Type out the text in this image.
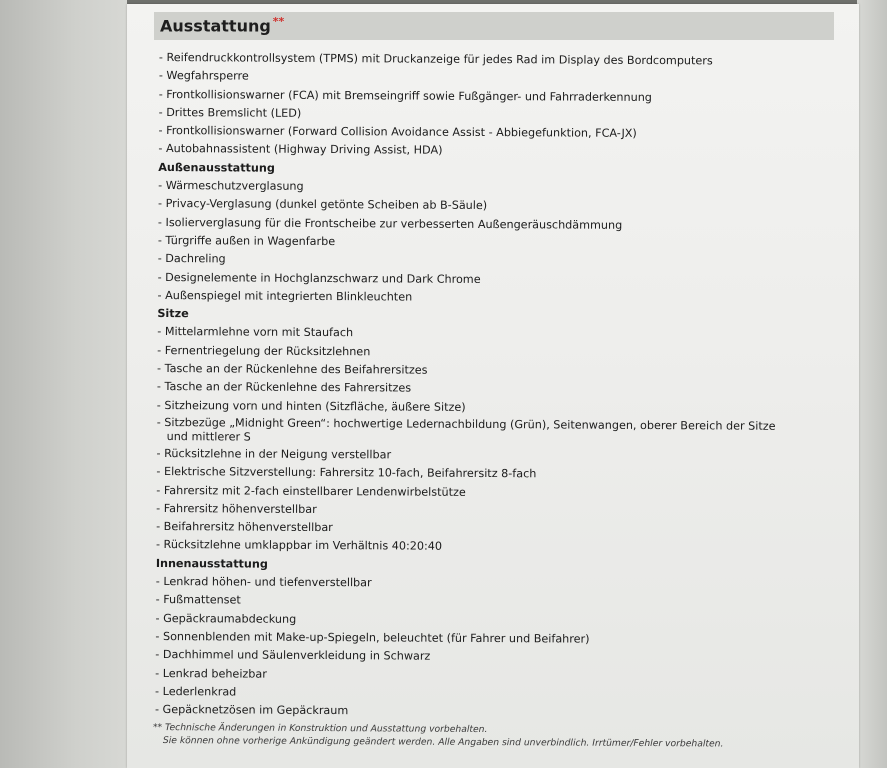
Ausstattung **
- Reifendruckkontrollsystem (TPMS) mit Druckanzeige für jedes Rad im Display des Bordcomputers
- Wegfahrsperre
- Frontkollisionswarner (FCA) mit Bremseingriff sowie Fußgänger- und Fahrraderkennung
- Drittes Bremslicht (LED)
- Frontkollisionswarner (Forward Collision Avoidance Assist - Abbiegefunktion, FCA-JX)
- Autobahnassistent (Highway Driving Assist, HDA)
Außenausstattung
- Wärmeschutzverglasung
- Privacy-Verglasung (dunkel getönte Scheiben ab B-Säule)
- Isolierverglasung für die Frontscheibe zur verbesserten Außengeräuschdämmung
- Türgriffe außen in Wagenfarbe
- Dachreling
- Designelemente in Hochglanzschwarz und Dark Chrome
- Außenspiegel mit integrierten Blinkleuchten
Sitze
- Mittelarmlehne vorn mit Staufach
- Fernentriegelung der Rücksitzlehnen
- Tasche an der Rückenlehne des Beifahrersitzes
- Tasche an der Rückenlehne des Fahrersitzes
- Sitzheizung vorn und hinten (Sitzfläche, äußere Sitze)
- Sitzbezüge „Midnight Green“: hochwertige Ledernachbildung (Grün), Seitenwangen, oberer Bereich der Sitze und mittlerer S
- Rücksitzlehne in der Neigung verstellbar
- Elektrische Sitzverstellung: Fahrersitz 10-fach, Beifahrersitz 8-fach
- Fahrersitz mit 2-fach einstellbarer Lendenwirbelstütze
- Fahrersitz höhenverstellbar
- Beifahrersitz höhenverstellbar
- Rücksitzlehne umklappbar im Verhältnis 40:20:40
Innenausstattung
- Lenkrad höhen- und tiefenverstellbar
- Fußmattenset
- Gepäckraumabdeckung
- Sonnenblenden mit Make-up-Spiegeln, beleuchtet (für Fahrer und Beifahrer)
- Dachhimmel und Säulenverkleidung in Schwarz
- Lenkrad beheizbar
- Lederlenkrad
- Gepäcknetzösen im Gepäckraum
** Technische Änderungen in Konstruktion und Ausstattung vorbehalten.
Sie können ohne vorherige Ankündigung geändert werden. Alle Angaben sind unverbindlich. Irrtümer/Fehler vorbehalten.
